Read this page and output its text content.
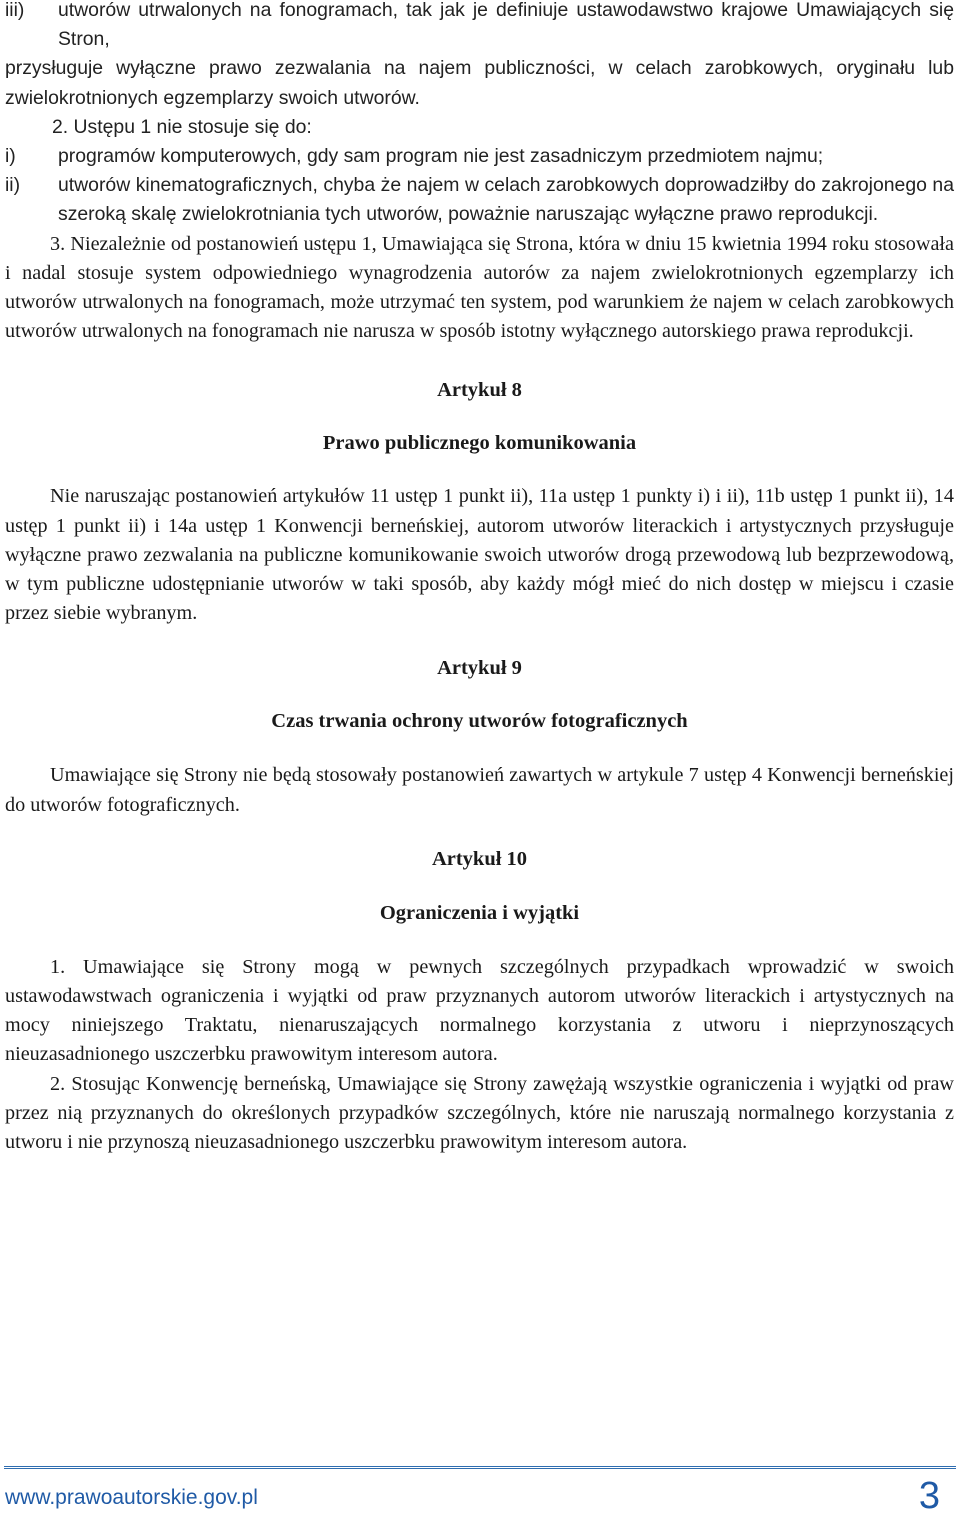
iii)	utworów utrwalonych na fonogramach, tak jak je definiuje ustawodawstwo krajowe Umawiających się Stron,

przysługuje wyłączne prawo zezwalania na najem publiczności, w celach zarobkowych, oryginału lub zwielokrotnionych egzemplarzy swoich utworów.

2. Ustępu 1 nie stosuje się do:

i)	programów komputerowych, gdy sam program nie jest zasadniczym przedmiotem najmu;
ii)	utworów kinematograficznych, chyba że najem w celach zarobkowych doprowadziłby do zakrojonego na szeroką skalę zwielokrotniania tych utworów, poważnie naruszając wyłączne prawo reprodukcji.

3. Niezależnie od postanowień ustępu 1, Umawiająca się Strona, która w dniu 15 kwietnia 1994 roku stosowała i nadal stosuje system odpowiedniego wynagrodzenia autorów za najem zwielokrotnionych egzemplarzy ich utworów utrwalonych na fonogramach, może utrzymać ten system, pod warunkiem że najem w celach zarobkowych utworów utrwalonych na fonogramach nie narusza w sposób istotny wyłącznego autorskiego prawa reprodukcji.

Artykuł 8
Prawo publicznego komunikowania

Nie naruszając postanowień artykułów 11 ustęp 1 punkt ii), 11a ustęp 1 punkty i) i ii), 11b ustęp 1 punkt ii), 14 ustęp 1 punkt ii) i 14a ustęp 1 Konwencji berneńskiej, autorom utworów literackich i artystycznych przysługuje wyłączne prawo zezwalania na publiczne komunikowanie swoich utworów drogą przewodową lub bezprzewodową, w tym publiczne udostępnianie utworów w taki sposób, aby każdy mógł mieć do nich dostęp w miejscu i czasie przez siebie wybranym.

Artykuł 9
Czas trwania ochrony utworów fotograficznych

Umawiające się Strony nie będą stosowały postanowień zawartych w artykule 7 ustęp 4 Konwencji berneńskiej do utworów fotograficznych.

Artykuł 10
Ograniczenia i wyjątki

1. Umawiające się Strony mogą w pewnych szczególnych przypadkach wprowadzić w swoich ustawodawstwach ograniczenia i wyjątki od praw przyznanych autorom utworów literackich i artystycznych na mocy niniejszego Traktatu, nienaruszających normalnego korzystania z utworu i nieprzynoszących nieuzasadnionego uszczerbku prawowitym interesom autora.

2. Stosując Konwencję berneńską, Umawiające się Strony zawężają wszystkie ograniczenia i wyjątki od praw przez nią przyznanych do określonych przypadków szczególnych, które nie naruszają normalnego korzystania z utworu i nie przynoszą nieuzasadnionego uszczerbku prawowitym interesom autora.

www.prawoautorskie.gov.pl	3
